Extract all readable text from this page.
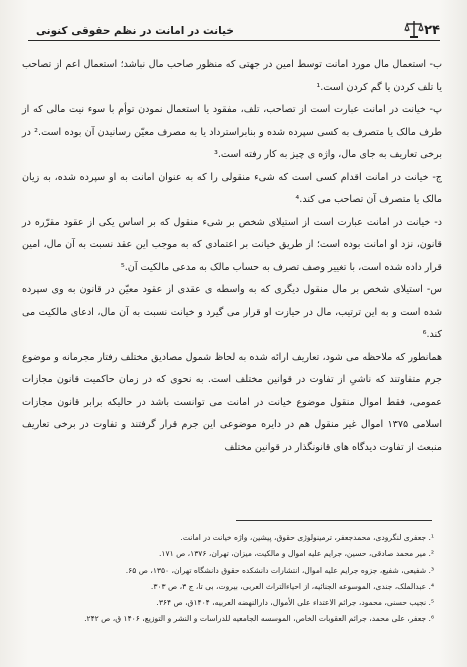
۲۴
خیانت در امانت در نظم حقوقی کنونی

ب- استعمال مال مورد امانت توسط امین در جهتی که منظور صاحب مال نباشد؛ استعمال اعم از تصاحب یا تلف کردن یا گم کردن است.¹

پ- خیانت در امانت عبارت است از تصاحب، تلف، مفقود یا استعمال نمودن توأم با سوء نیت مالی که از طرف مالک یا متصرف به کسی سپرده شده و بنابراسترداد یا به مصرف معیّن رسانیدن آن بوده است.² در برخی تعاریف به جای مال، واژه ی چیز به کار رفته است.³

ج- خیانت در امانت اقدام کسی است که شیء منقولی را که به عنوان امانت به او سپرده شده، به زیان مالک یا متصرف آن تصاحب می کند.⁴

د- خیانت در امانت عبارت است از استیلای شخص بر شیء منقول که بر اساس یکی از عقود مقرّره در قانون، نزد او امانت بوده است؛ از طریق خیانت بر اعتمادی که به موجب این عقد نسبت به آن مال، امین قرار داده شده است، با تغییر وصف تصرف به حساب مالک به مدعی مالکیت آن.⁵

س- استیلای شخص بر مال منقول دیگری که به واسطه ی عقدی از عقود معیّن در قانون به وی سپرده شده است و به این ترتیب، مال در حیازت او قرار می گیرد و خیانت نسبت به آن مال، ادعای مالکیت می کند.⁶

همانطور که ملاحظه می شود، تعاریف ارائه شده به لحاظ شمول مصادیق مختلف رفتار مجرمانه و موضوع جرم متفاوتند که ناشیِ از تفاوت در قوانین مختلف است. به نحوی که در زمان حاکمیت قانون مجازات عمومی، فقط اموال منقول موضوع خیانت در امانت می توانست باشد در حالیکه برابر قانون مجازات اسلامی ۱۳۷۵ اموال غیر منقول هم در دایره موضوعی این جرم قرار گرفتند و تفاوت در برخی تعاریف منبعث از تفاوت دیدگاه های قانونگذار در قوانین مختلف

¹. جعفری لنگرودی، محمدجعفر، ترمینولوژی حقوق، پیشین، واژه خیانت در امانت.

². میر محمد صادقی، حسین، جرایم علیه اموال و مالکیت، میزان، تهران، ۱۳۷۶، ص ۱۷۱.

³. شفیعی، شفیع، جزوه جرایم علیه اموال، انتشارات دانشکده حقوق دانشگاه تهران، ۱۳۵۰، ص ۶۵.

⁴. عبدالملک، جندی، الموسوعه الجنائیه، از احیاءالتراث العربی، بیروت، بی تا، ج ۳، ص ۳۰۳.

⁵. نجیب حسنی، محمود، جرائم الاعتداء علی الأموال، دارالنهضه العربیه، ۱۴۰۴ق، ص ۳۶۴.

⁶. جعفر، علی محمد، جرائم العقوبات الخاص، الموسسه الجامعیه للدراسات و النشر و التوزیع، ۱۴۰۶ ق، ص ۲۴۲.
